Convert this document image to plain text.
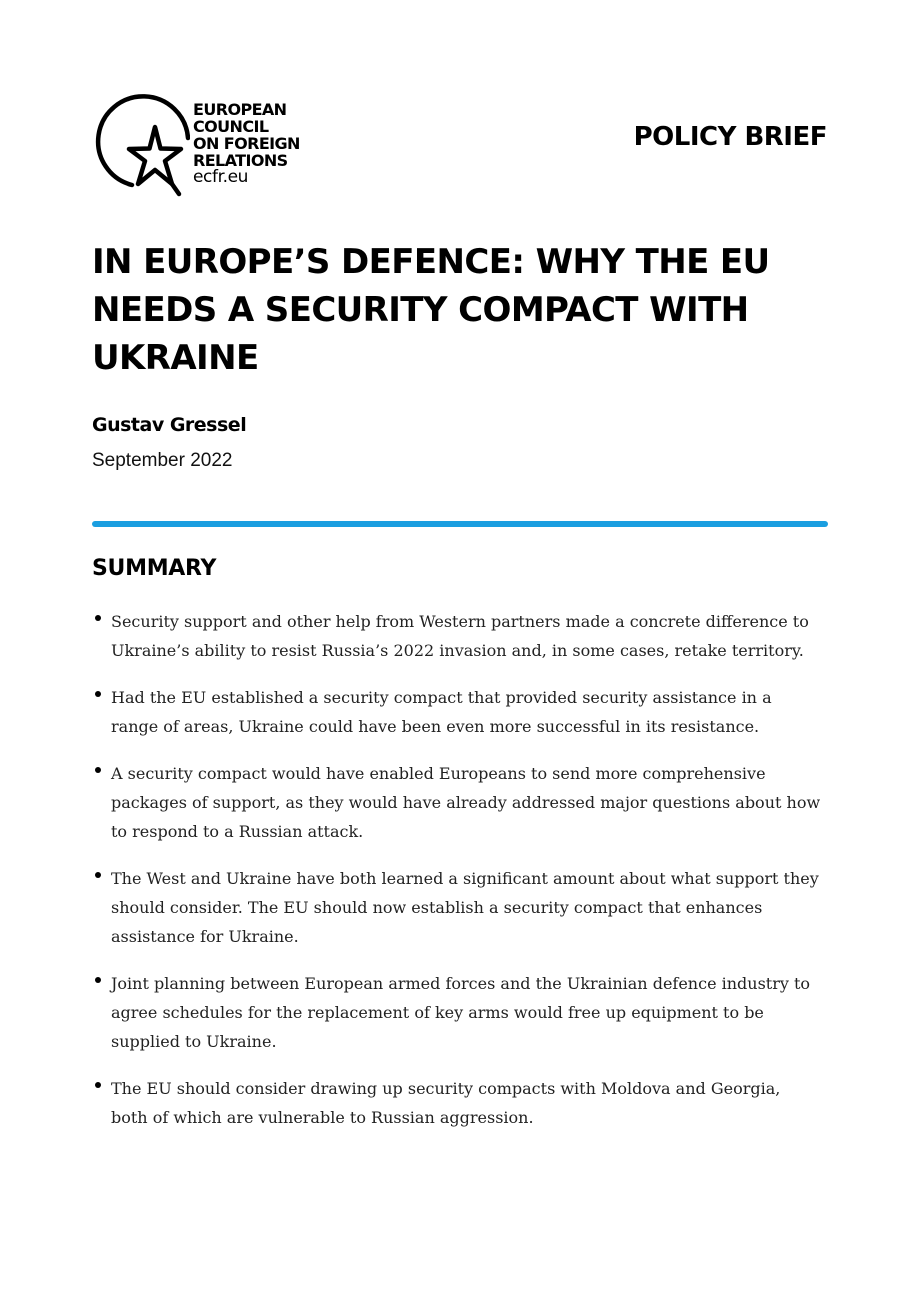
EUROPEAN
COUNCIL
ON FOREIGN
RELATIONS
ecfr.eu
POLICY BRIEF
IN EUROPE’S DEFENCE: WHY THE EU NEEDS A SECURITY COMPACT WITH UKRAINE
Gustav Gressel
September 2022
SUMMARY
Security support and other help from Western partners made a concrete difference to Ukraine’s ability to resist Russia’s 2022 invasion and, in some cases, retake territory.
Had the EU established a security compact that provided security assistance in a range of areas, Ukraine could have been even more successful in its resistance.
A security compact would have enabled Europeans to send more comprehensive packages of support, as they would have already addressed major questions about how to respond to a Russian attack.
The West and Ukraine have both learned a significant amount about what support they should consider. The EU should now establish a security compact that enhances assistance for Ukraine.
Joint planning between European armed forces and the Ukrainian defence industry to agree schedules for the replacement of key arms would free up equipment to be supplied to Ukraine.
The EU should consider drawing up security compacts with Moldova and Georgia, both of which are vulnerable to Russian aggression.
